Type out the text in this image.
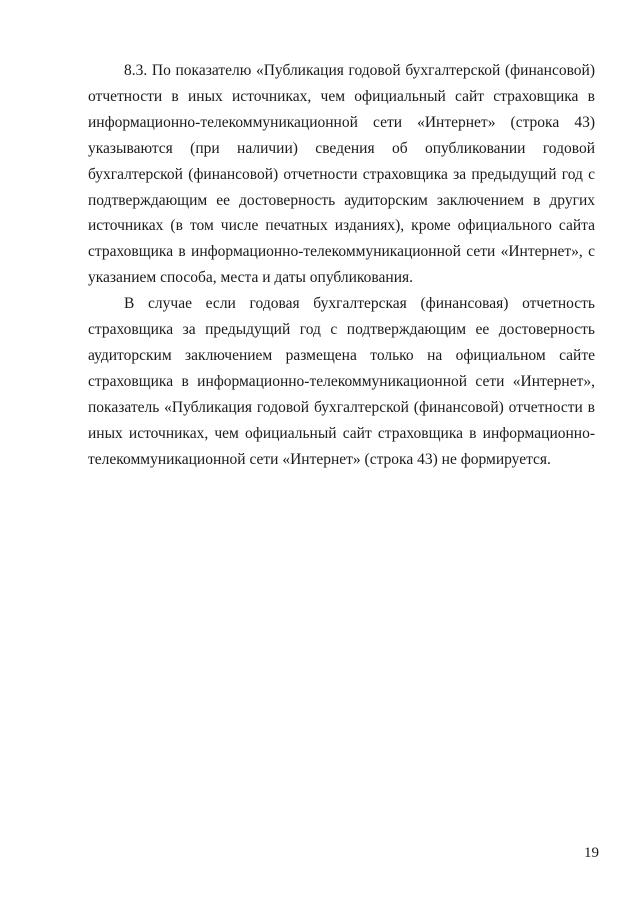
8.3. По показателю «Публикация годовой бухгалтерской (финансовой) отчетности в иных источниках, чем официальный сайт страховщика в информационно-телекоммуникационной сети «Интернет» (строка 43) указываются (при наличии) сведения об опубликовании годовой бухгалтерской (финансовой) отчетности страховщика за предыдущий год с подтверждающим ее достоверность аудиторским заключением в других источниках (в том числе печатных изданиях), кроме официального сайта страховщика в информационно-телекоммуникационной сети «Интернет», с указанием способа, места и даты опубликования.

В случае если годовая бухгалтерская (финансовая) отчетность страховщика за предыдущий год с подтверждающим ее достоверность аудиторским заключением размещена только на официальном сайте страховщика в информационно-телекоммуникационной сети «Интернет», показатель «Публикация годовой бухгалтерской (финансовой) отчетности в иных источниках, чем официальный сайт страховщика в информационно-телекоммуникационной сети «Интернет» (строка 43) не формируется.

19
